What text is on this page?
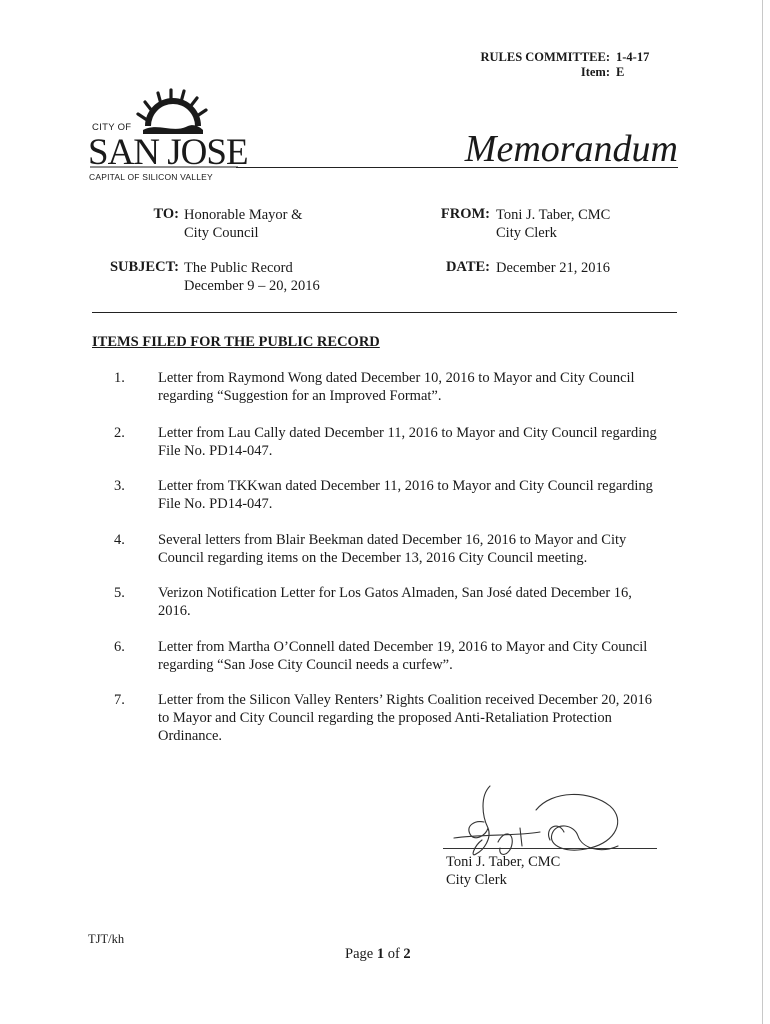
RULES COMMITTEE: 1-4-17
Item: E
CITY OF
SAN JOSE
CAPITAL OF SILICON VALLEY
Memorandum
TO: Honorable Mayor &
City Council
FROM: Toni J. Taber, CMC
City Clerk
SUBJECT: The Public Record
December 9 – 20, 2016
DATE: December 21, 2016
ITEMS FILED FOR THE PUBLIC RECORD
1. Letter from Raymond Wong dated December 10, 2016 to Mayor and City Council
regarding “Suggestion for an Improved Format”.
2. Letter from Lau Cally dated December 11, 2016 to Mayor and City Council regarding
File No. PD14-047.
3. Letter from TKKwan dated December 11, 2016 to Mayor and City Council regarding
File No. PD14-047.
4. Several letters from Blair Beekman dated December 16, 2016 to Mayor and City
Council regarding items on the December 13, 2016 City Council meeting.
5. Verizon Notification Letter for Los Gatos Almaden, San José dated December 16,
2016.
6. Letter from Martha O’Connell dated December 19, 2016 to Mayor and City Council
regarding “San Jose City Council needs a curfew”.
7. Letter from the Silicon Valley Renters’ Rights Coalition received December 20, 2016
to Mayor and City Council regarding the proposed Anti-Retaliation Protection
Ordinance.
Toni J. Taber, CMC
City Clerk
TJT/kh
Page 1 of 2
